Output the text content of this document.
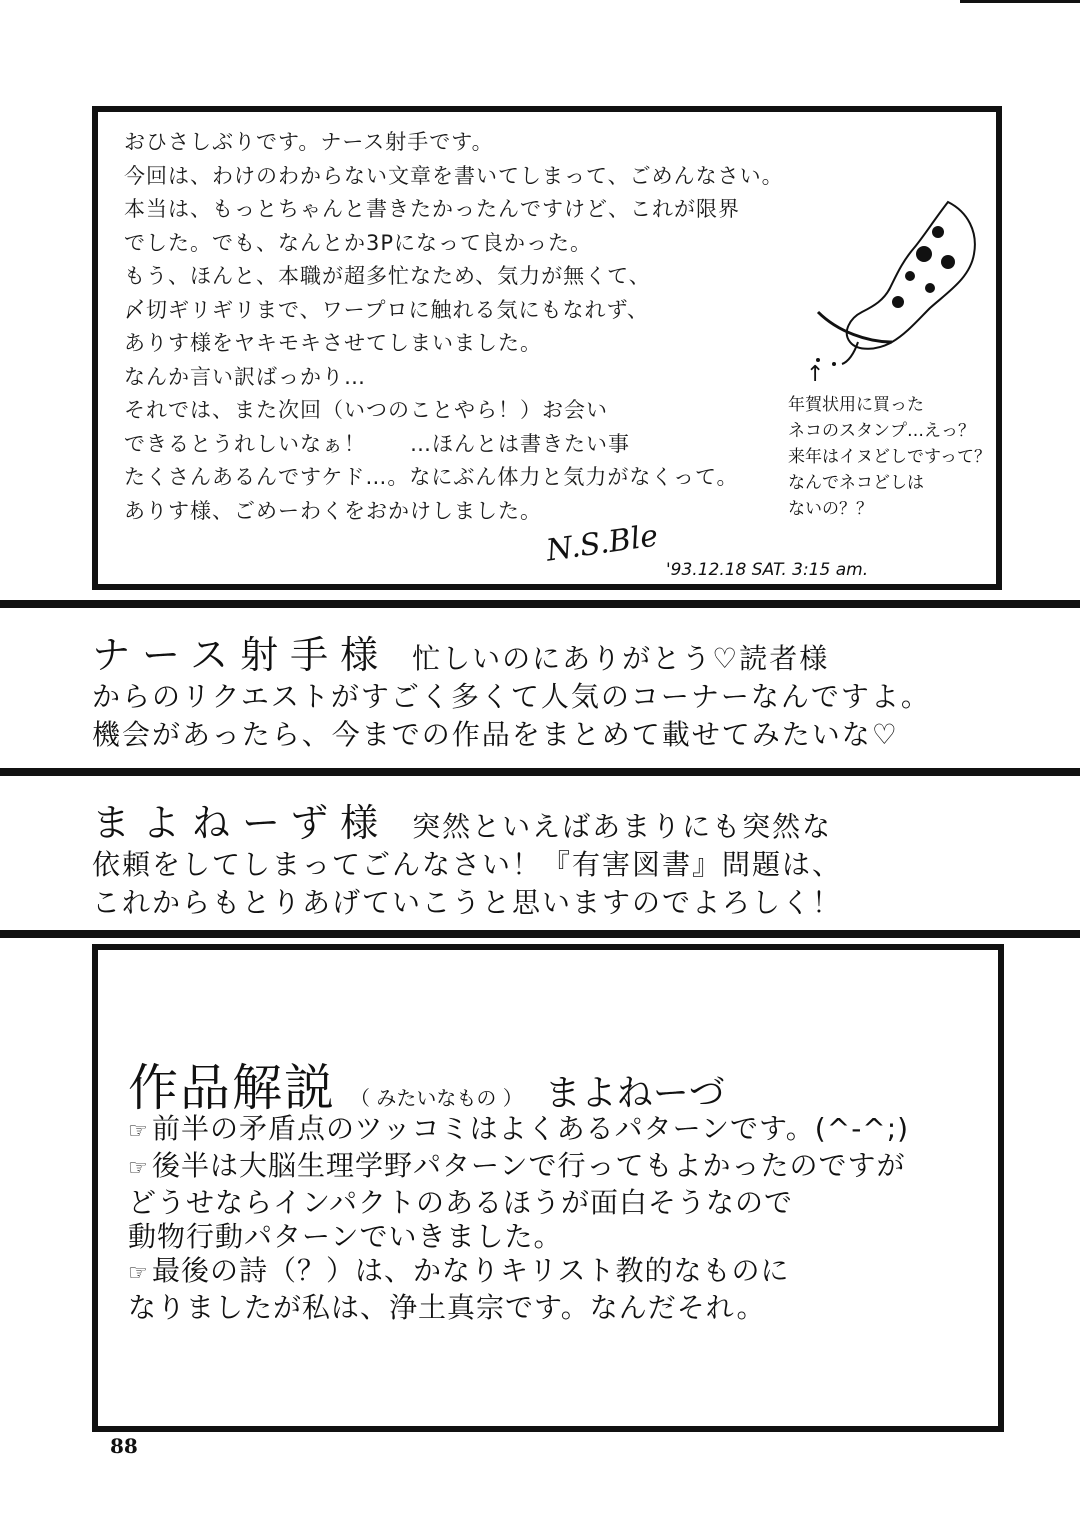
おひさしぶりです。ナース射手です。
今回は、わけのわからない文章を書いてしまって、ごめんなさい。
本当は、もっとちゃんと書きたかったんですけど、これが限界
でした。でも、なんとか3Pになって良かった。
もう、ほんと、本職が超多忙なため、気力が無くて、
〆切ギリギリまで、ワープロに触れる気にもなれず、
ありす様をヤキモキさせてしまいました。
なんか言い訳ばっかり…
それでは、また次回（いつのことやら！）お会い
できるとうれしいなぁ！　　…ほんとは書きたい事
たくさんあるんですケド…。なにぶん体力と気力がなくって。
ありす様、ごめーわくをおかけしました。
↑
年賀状用に買った
ネコのスタンプ…えっ？
来年はイヌどしですって？
なんでネコどしは
ないの？？
N.S.Ble
'93.12.18 SAT. 3:15 am.
ナース射手様 忙しいのにありがとう♡読者様
からのリクエストがすごく多くて人気のコーナーなんですよ。
機会があったら、今までの作品をまとめて載せてみたいな♡
まよねーず様 突然といえばあまりにも突然な
依頼をしてしまってごんなさい！『有害図書』問題は、
これからもとりあげていこうと思いますのでよろしく！
作品解説 （ みたいなもの ） まよねーづ
☞ 前半の矛盾点のツッコミはよくあるパターンです。(^-^;)
☞ 後半は大脳生理学野パターンで行ってもよかったのですが
どうせならインパクトのあるほうが面白そうなので
動物行動パターンでいきました。
☞ 最後の詩（？）は、かなりキリスト教的なものに
なりましたが私は、浄土真宗です。なんだそれ。
88
